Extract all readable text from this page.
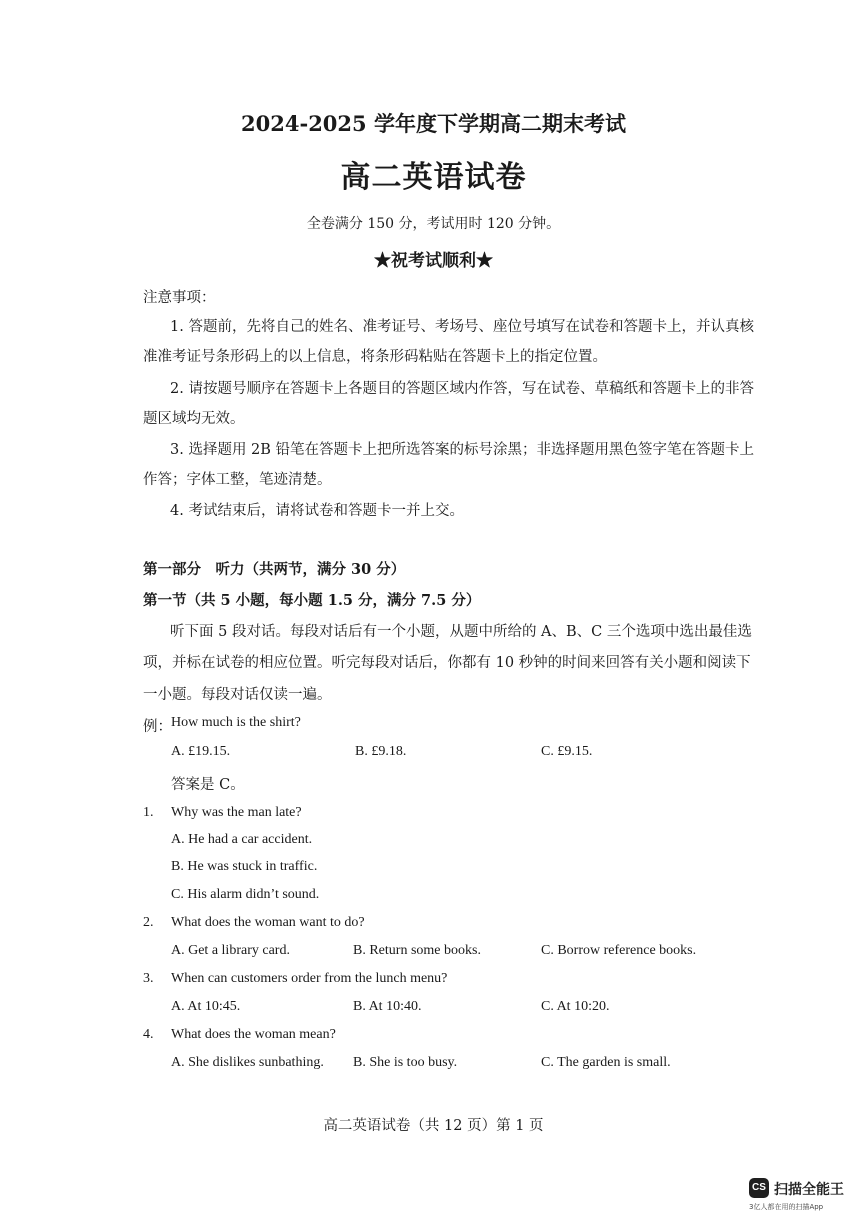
2024-2025 学年度下学期高二期末考试
高二英语试卷
全卷满分 150 分，考试用时 120 分钟。
★祝考试顺利★
注意事项：
1. 答题前，先将自己的姓名、准考证号、考场号、座位号填写在试卷和答题卡上，并认真核
准准考证号条形码上的以上信息，将条形码粘贴在答题卡上的指定位置。
2. 请按题号顺序在答题卡上各题目的答题区域内作答，写在试卷、草稿纸和答题卡上的非答
题区域均无效。
3. 选择题用 2B 铅笔在答题卡上把所选答案的标号涂黑；非选择题用黑色签字笔在答题卡上
作答；字体工整，笔迹清楚。
4. 考试结束后，请将试卷和答题卡一并上交。
第一部分　听力（共两节，满分 30 分）
第一节（共 5 小题，每小题 1.5 分，满分 7.5 分）
听下面 5 段对话。每段对话后有一个小题，从题中所给的 A、B、C 三个选项中选出最佳选
项，并标在试卷的相应位置。听完每段对话后，你都有 10 秒钟的时间来回答有关小题和阅读下
一小题。每段对话仅读一遍。
例： How much is the shirt?
A. £19.15.	B. £9.18.	C. £9.15.
答案是 C。
1. Why was the man late?
A. He had a car accident.
B. He was stuck in traffic.
C. His alarm didn’t sound.
2. What does the woman want to do?
A. Get a library card.	B. Return some books.	C. Borrow reference books.
3. When can customers order from the lunch menu?
A. At 10:45.	B. At 10:40.	C. At 10:20.
4. What does the woman mean?
A. She dislikes sunbathing. B. She is too busy.	C. The garden is small.
高二英语试卷（共 12 页）第 1 页
CS 扫描全能王
3亿人都在用的扫描App
